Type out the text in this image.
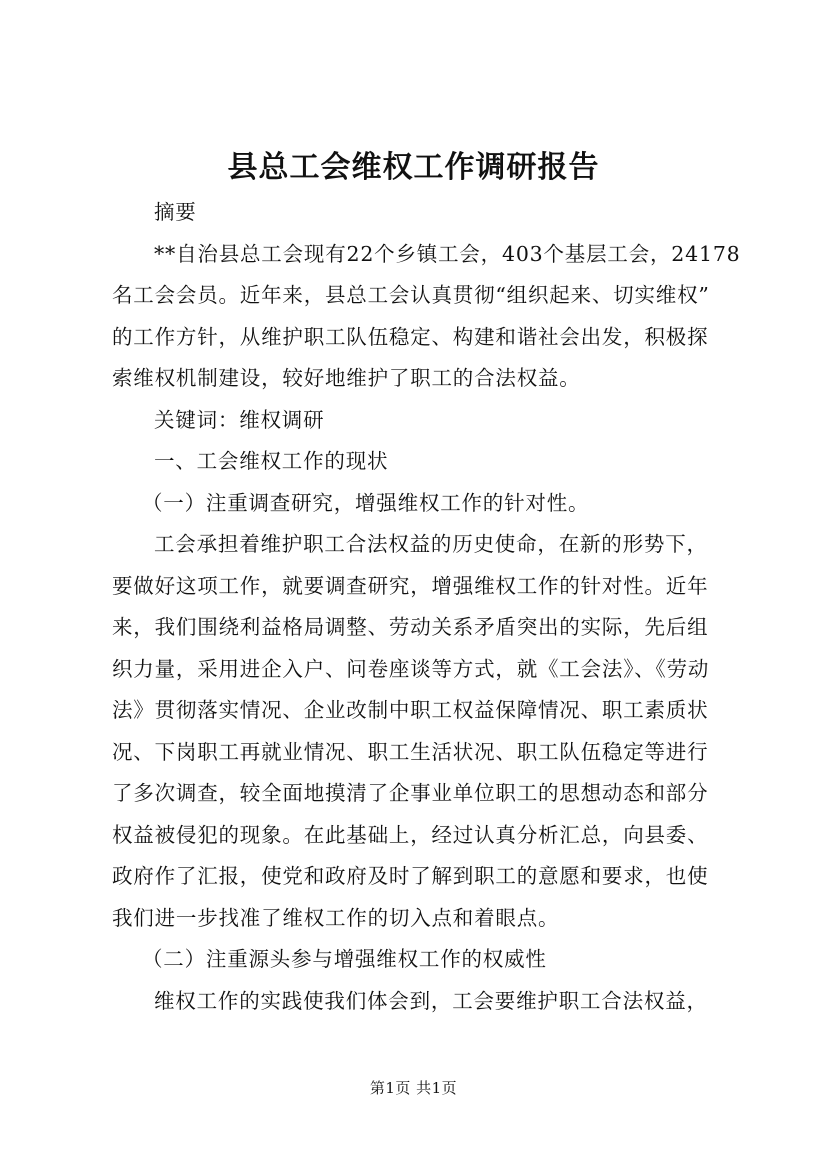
县总工会维权工作调研报告
摘要
**自治县总工会现有22个乡镇工会，403个基层工会，24178
名工会会员。近年来，县总工会认真贯彻“组织起来、切实维权”
的工作方针，从维护职工队伍稳定、构建和谐社会出发，积极探
索维权机制建设，较好地维护了职工的合法权益。
关键词：维权调研
一、工会维权工作的现状
（一）注重调查研究，增强维权工作的针对性。
工会承担着维护职工合法权益的历史使命，在新的形势下，
要做好这项工作，就要调查研究，增强维权工作的针对性。近年
来，我们围绕利益格局调整、劳动关系矛盾突出的实际，先后组
织力量，采用进企入户、问卷座谈等方式，就《工会法》、《劳动
法》贯彻落实情况、企业改制中职工权益保障情况、职工素质状
况、下岗职工再就业情况、职工生活状况、职工队伍稳定等进行
了多次调查，较全面地摸清了企事业单位职工的思想动态和部分
权益被侵犯的现象。在此基础上，经过认真分析汇总，向县委、
政府作了汇报，使党和政府及时了解到职工的意愿和要求，也使
我们进一步找准了维权工作的切入点和着眼点。
（二）注重源头参与增强维权工作的权威性
维权工作的实践使我们体会到，工会要维护职工合法权益，
第1页 共1页
